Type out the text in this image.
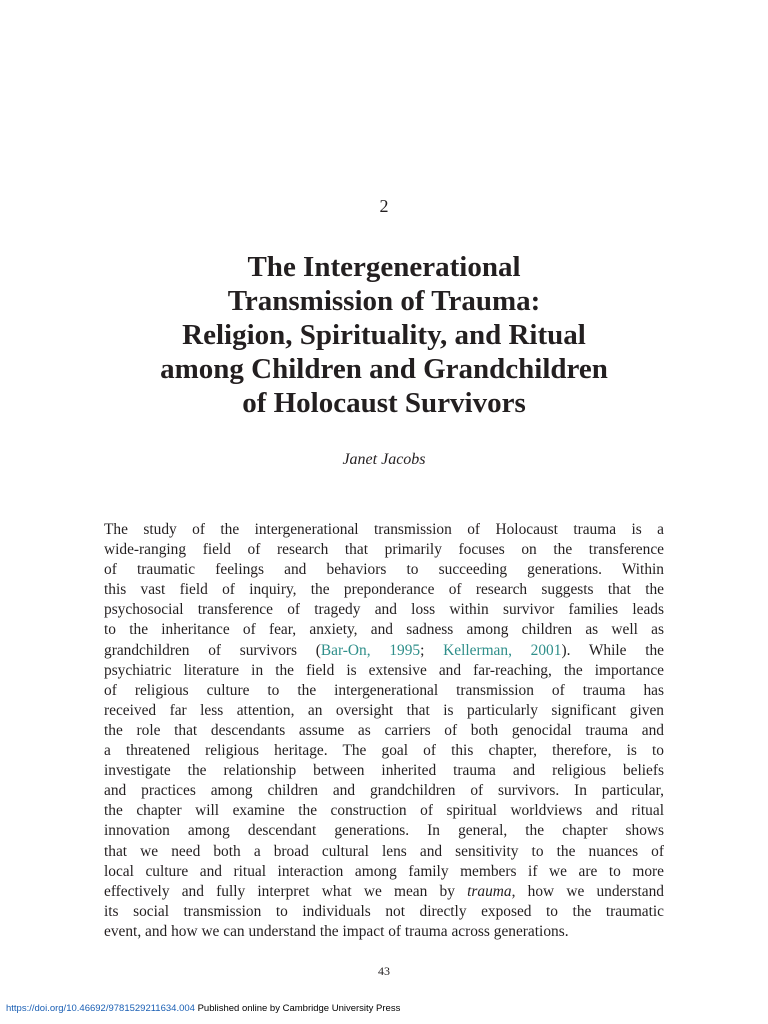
2
The Intergenerational
Transmission of Trauma:
Religion, Spirituality, and Ritual
among Children and Grandchildren
of Holocaust Survivors
Janet Jacobs
The study of the intergenerational transmission of Holocaust trauma is a
wide-ranging field of research that primarily focuses on the transference
of traumatic feelings and behaviors to succeeding generations. Within
this vast field of inquiry, the preponderance of research suggests that the
psychosocial transference of tragedy and loss within survivor families leads
to the inheritance of fear, anxiety, and sadness among children as well as
grandchildren of survivors (Bar-On, 1995; Kellerman, 2001). While the
psychiatric literature in the field is extensive and far-reaching, the importance
of religious culture to the intergenerational transmission of trauma has
received far less attention, an oversight that is particularly significant given
the role that descendants assume as carriers of both genocidal trauma and
a threatened religious heritage. The goal of this chapter, therefore, is to
investigate the relationship between inherited trauma and religious beliefs
and practices among children and grandchildren of survivors. In particular,
the chapter will examine the construction of spiritual worldviews and ritual
innovation among descendant generations. In general, the chapter shows
that we need both a broad cultural lens and sensitivity to the nuances of
local culture and ritual interaction among family members if we are to more
effectively and fully interpret what we mean by trauma, how we understand
its social transmission to individuals not directly exposed to the traumatic
event, and how we can understand the impact of trauma across generations.
43
https://doi.org/10.46692/9781529211634.004 Published online by Cambridge University Press
